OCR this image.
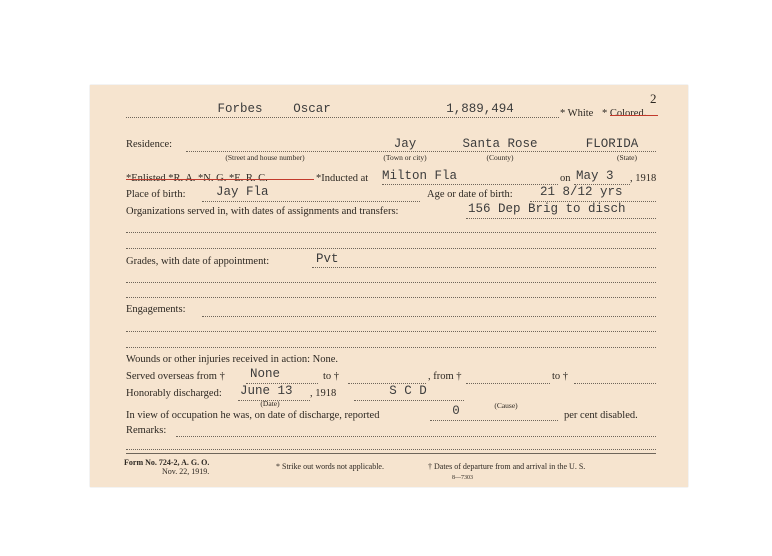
2
Forbes Oscar	1,889,494	* White * Colored.
Residence:	Jay	Santa Rose	FLORIDA
(Street and house number)	(Town or city)	(County)	(State)
*Enlisted *R. A. *N. G. *E. R. C.	*Inducted at Milton Fla	on May 3 , 1918
Place of birth: Jay Fla	Age or date of birth: 21 8/12 yrs
Organizations served in, with dates of assignments and transfers:	156 Dep Brig to disch
Grades, with date of appointment:	Pvt
Engagements:
Wounds or other injuries received in action: None.
Served overseas from † None	to †	, from †	to †
Honorably discharged: June 13 , 1918	S C D
(Date)	(Cause)
In view of occupation he was, on date of discharge, reported	0	per cent disabled.
Remarks:
Form No. 724-2, A. G. O.
Nov. 22, 1919.
* Strike out words not applicable.	† Dates of departure from and arrival in the U. S.
8—7303
